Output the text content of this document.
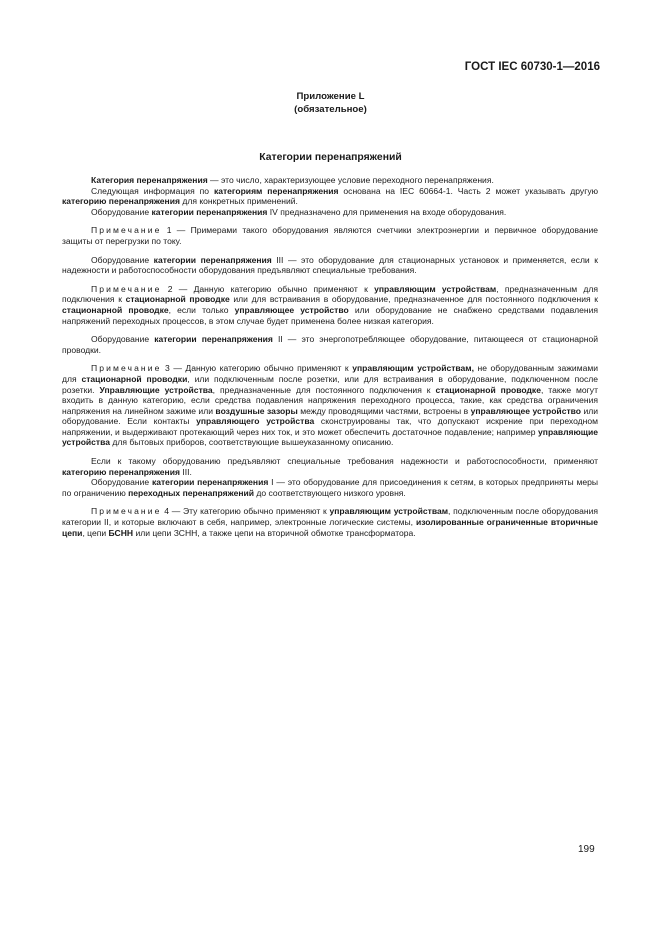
ГОСТ IEC 60730-1—2016
Приложение L
(обязательное)
Категории перенапряжений

Категория перенапряжения — это число, характеризующее условие переходного перенапряжения.

Следующая информация по категориям перенапряжения основана на IEC 60664-1. Часть 2 может указывать другую категорию перенапряжения для конкретных применений.

Оборудование категории перенапряжения IV предназначено для применения на входе оборудования.

Примечание 1 — Примерами такого оборудования являются счетчики электроэнергии и первичное оборудование защиты от перегрузки по току.

Оборудование категории перенапряжения III — это оборудование для стационарных установок и применяется, если к надежности и работоспособности оборудования предъявляют специальные требования.

Примечание 2 — Данную категорию обычно применяют к управляющим устройствам, предназначенным для подключения к стационарной проводке или для встраивания в оборудование, предназначенное для постоянного подключения к стационарной проводке, если только управляющее устройство или оборудование не снабжено средствами подавления напряжений переходных процессов, в этом случае будет применена более низкая категория.

Оборудование категории перенапряжения II — это энергопотребляющее оборудование, питающееся от стационарной проводки.

Примечание 3 — Данную категорию обычно применяют к управляющим устройствам, не оборудованным зажимами для стационарной проводки, или подключенным после розетки, или для встраивания в оборудование, подключенном после розетки. Управляющие устройства, предназначенные для постоянного подключения к стационарной проводке, также могут входить в данную категорию, если средства подавления напряжения переходного процесса, такие, как средства ограничения напряжения на линейном зажиме или воздушные зазоры между проводящими частями, встроены в управляющее устройство или оборудование. Если контакты управляющего устройства сконструированы так, что допускают искрение при переходном напряжении, и выдерживают протекающий через них ток, и это может обеспечить достаточное подавление; например управляющие устройства для бытовых приборов, соответствующие вышеуказанному описанию.

Если к такому оборудованию предъявляют специальные требования надежности и работоспособности, применяют категорию перенапряжения III.

Оборудование категории перенапряжения I — это оборудование для присоединения к сетям, в которых предприняты меры по ограничению переходных перенапряжений до соответствующего низкого уровня.

Примечание 4 — Эту категорию обычно применяют к управляющим устройствам, подключенным после оборудования категории II, и которые включают в себя, например, электронные логические системы, изолированные ограниченные вторичные цепи, цепи БСНН или цепи ЗСНН, а также цепи на вторичной обмотке трансформатора.

199
